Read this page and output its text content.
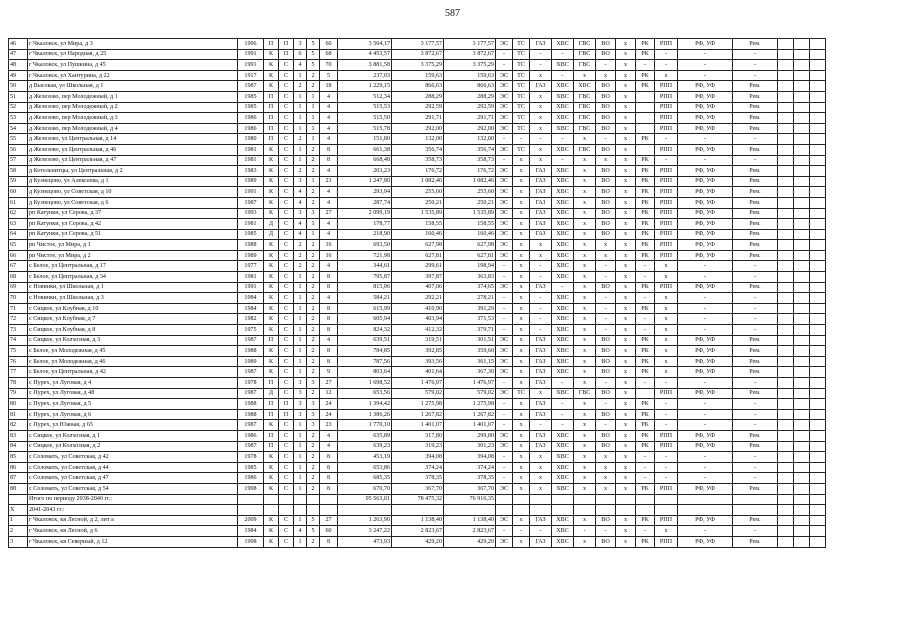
587
46	г Чкаловск, ул Мира, д 3	1996	П	П	3	5	60	3 564,17	3 177,57	3 177,57	ЭС	ТС	ГАЗ	ХВС	ГВС	ВО	х	РК	РПП	РФ, УФ	Рем.			
47	г Чкаловск, ул Народная, д 25	1991	К	П	6	5	68	4 453,57	3 872,67	3 872,67	-	ТС	-	-	ГВС	ВО	х	РК	-	-	-			
48	г Чкаловск, ул Пушкина, д 45	1991	К	С	4	5	70	3 881,58	3 375,29	3 375,29	-	ТС	-	ХВС	ГВС	-	х	-	-	-	-			
49	г Чкаловск, ул Хантурина, д 22	1917	К	С	1	2	5	237,03	159,63	159,63	ЭС	ТС	х	-	х	х	х	РК	х	-	-			
50	д Высокая, ул Школьная, д 1	1987	К	С	2	2	18	1 229,15	866,63	866,63	ЭС	ТС	ГАЗ	ХВС	ХВС	ВО	х	РК	РПП	РФ, УФ	Рем.			
51	д Железово, пер Молодежный, д 1	1985	П	С	1	1	4	512,34	288,29	288,29	ЭС	ТС	х	ХВС	ГВС	ВО	х		РПП	РФ, УФ	Рем.			
52	д Железово, пер Молодежный, д 2	1985	П	С	1	1	4	515,53	292,59	292,59	ЭС	ТС	х	ХВС	ГВС	ВО	х		РПП	РФ, УФ	Рем.			
53	д Железово, пер Молодежный, д 3	1986	П	С	1	1	4	515,50	291,71	291,71	ЭС	ТС	х	ХВС	ГВС	ВО	х		РПП	РФ, УФ	Рем.			
54	д Железово, пер Молодежный, д 4	1986	П	С	1	1	4	515,78	292,00	292,00	ЭС	ТС	х	ХВС	ГВС	ВО	х		РПП	РФ, УФ	Рем.			
55	д Железово, ул Центральная, д 14	1980	П	С	2	1	4	151,80	132,00	132,00	-	-	-	-	х	-	х	РК	-	-	-			
56	д Железово, ул Центральная, д 46	1981	К	С	1	2	8	661,38	356,74	356,74	ЭС	ТС	х	ХВС	ГВС	ВО	х		РПП	РФ, УФ	Рем.			
57	д Железово, ул Центральная, д 47	1981	К	С	1	2	8	668,48	358,73	358,73	-	х	х	-	х	х	х	РК	-	-	-			
58	д Котельнитцы, ул Центральная, д 2	1983	К	С	2	2	4	203,23	176,72	176,72	ЭС	х	ГАЗ	ХВС	х	ВО	х	РК	РПП	РФ, УФ	Рем.			
59	д Кузнецово, ул Алексеева, д 1	1989	К	С	3	1	23	1 247,80	1 082,46	1 082,46	ЭС	х	ГАЗ	ХВС	х	ВО	х	РК	РПП	РФ, УФ	Рем.			
60	д Кузнецово, ул Советская, д 10	1991	К	С	4	2	4	293,94	255,60	255,60	ЭС	х	ГАЗ	ХВС	х	ВО	х	РК	РПП	РФ, УФ	Рем.			
61	д Кузнецово, ул Советская, д 6	1987	К	С	4	2	4	287,74	250,21	250,21	ЭС	х	ГАЗ	ХВС	х	ВО	х	РК	РПП	РФ, УФ	Рем.			
62	рп Катунки, ул Серова, д 37	1993	К	С	3	3	27	2 099,19	1 535,89	1 535,89	ЭС	х	ГАЗ	ХВС	х	ВО	х	РК	РПП	РФ, УФ	Рем.			
63	рп Катунки, ул Серова, д 42	1981	Д	С	4	1	4	178,77	158,55	158,55	ЭС	х	ГАЗ	ХВС	х	ВО	х	РК	РПП	РФ, УФ	Рем.			
64	рп Катунки, ул Серова, д 51	1985	Д	С	4	1	4	218,90	160,46	160,46	ЭС	х	ГАЗ	ХВС	х	ВО	х	РК	РПП	РФ, УФ	Рем.			
65	рп Чистое, ул Мира, д 1	1988	К	С	2	2	16	693,50	627,98	627,98	ЭС	х	х	ХВС	х	х	х	РК	РПП	РФ, УФ	Рем.			
66	рп Чистое, ул Мира, д 2	1989	К	С	2	2	16	721,98	627,81	627,81	ЭС	х	х	ХВС	х	х	х	РК	РПП	РФ, УФ	Рем.			
67	с Белое, ул Центральная, д 17	1977	К	С	2	2	4	344,61	299,61	198,94	-	х	-	ХВС	х	-	х	-	х	-	-			
68	с Белое, ул Центральная, д 34	1981	К	С	1	2	8	795,87	397,87	363,83	-	х	-	ХВС	х	-	х	-	х	-	-			
69	с Новинки, ул Школьная, д 1	1991	К	С	1	2	8	815,06	407,06	374,65	ЭС	х	ГАЗ	-	х	ВО	х	РК	РПП	РФ, УФ	Рем.			
70	с Новинки, ул Школьная, д 3	1984	К	С	1	2	4	584,21	292,21	278,21	-	х	-	ХВС	х	-	х	-	х	-	-			
71	с Сицкое, ул Клубная, д 10	1984	К	С	1	2	8	615,99	410,90	391,29	-	х	-	ХВС	х	-	х	РК	х	-	-			
72	с Сицкое, ул Клубная, д 7	1982	К	С	1	2	8	605,94	403,94	371,53	-	х	-	ХВС	х	-	х	-	х	-	-			
73	с Сицкое, ул Клубная, д 8	1975	К	С	1	2	8	824,32	412,32	379,71	-	х	-	ХВС	х	-	х	-	х	-	-			
74	с Сицкое, ул Колхозная, д 3	1987	П	С	1	2	4	639,51	319,51	301,51	ЭС	х	ГАЗ	ХВС	х	ВО	х	РК	х	РФ, УФ	Рем.			
75	с Белое, ул Молодежная, д 45	1988	К	С	1	2	8	784,85	392,85	359,60	ЭС	х	ГАЗ	ХВС	х	ВО	х	РК	х	РФ, УФ	Рем.			
76	с Белое, ул Молодежная, д 46	1989	К	С	1	2	8	787,56	393,56	361,15	ЭС	х	ГАЗ	ХВС	х	ВО	х	РК	х	РФ, УФ	Рем.			
77	с Белое, ул Центральная, д 42	1987	К	С	1	2	9	803,64	401,64	367,30	ЭС	х	ГАЗ	ХВС	х	ВО	х	РК	х	РФ, УФ	Рем.			
78	с Пурех, ул Луговая, д 4	1978	П	С	3	3	27	1 698,52	1 476,97	1 476,97	-	х	ГАЗ	-	х	-	х	-	-	-	-			
79	с Пурех, ул Луговая, д 48	1987	Д	С	3	2	12	653,56	579,02	579,02	ЭС	ТС	х	ХВС	ГВС	ВО	х		РПП	РФ, УФ	Рем.			
80	с Пурех, ул Луговая, д 5	1988	П	П	3	3	24	1 394,42	1 275,98	1 275,98	-	х	ГАЗ	-	х	-	х	РК	-	-	-			
81	с Пурех, ул Луговая, д 6	1988	П	П	3	3	24	1 386,26	1 267,82	1 267,82	-	х	ГАЗ	-	х	ВО	х	РК	-	-	-			
82	с Пурех, ул Южная, д 65	1987	К	С	1	3	23	1 770,10	1 401,07	1 401,07	-	х	-	-	х	-	х	РК	-	-	-			
83	с Сицкое, ул Колхозная, д 1	1986	П	С	1	2	4	635,89	317,80	299,80	ЭС	х	ГАЗ	ХВС	х	ВО	х	РК	РПП	РФ, УФ	Рем.			
84	с Сицкое, ул Колхозная, д 2	1987	П	С	1	2	4	639,23	319,23	301,23	ЭС	х	ГАЗ	ХВС	х	ВО	х	РК	РПП	РФ, УФ	Рем.			
85	с Соломать, ул Советская, д 42	1978	К	С	1	2	8	453,19	394,08	394,08	-	х	х	ХВС	х	х	х	-	-	-	-			
86	с Соломать, ул Советская, д 44	1985	К	С	1	2	8	653,86	374,24	374,24	-	х	х	ХВС	х	х	х	-	-	-	-			
87	с Соломать, ул Советская, д 47	1986	К	С	1	2	8	685,35	378,35	378,35	-	х	х	ХВС	х	х	х	-	-	-	-			
88	с Соломать, ул Советская, д 54	1998	К	С	1	2	8	670,70	367,70	367,70	ЭС	х	х	ХВС	х	х	х	РК	РПП	РФ, УФ	Рем.			
	Итого по периоду 2038-2040 гг.:							95 563,01	78 475,32	76 916,35														
X	2041-2043 гг.:																							
1	г Чкаловск, кв Лесной, д 2, лит а	2009	К	С	1	5	27	1 263,90	1 138,40	1 138,40	ЭС	х	ГАЗ	ХВС	х	ВО	х	РК	РПП	РФ, УФ	Рем.			
2	г Чкаловск, кв Лесной, д 6	1984	К	С	4	5	60	3 247,22	2 823,67	2 823,67	-	-	-	ХВС	-	-	х	-	х	-	-			
3	г Чкаловск, кв Северный, д 12	1998	К	С	1	2	8	473,93	429,20	429,20	ЭС	х	ГАЗ	ХВС	х	ВО	х	РК	РПП	РФ, УФ	Рем.			
